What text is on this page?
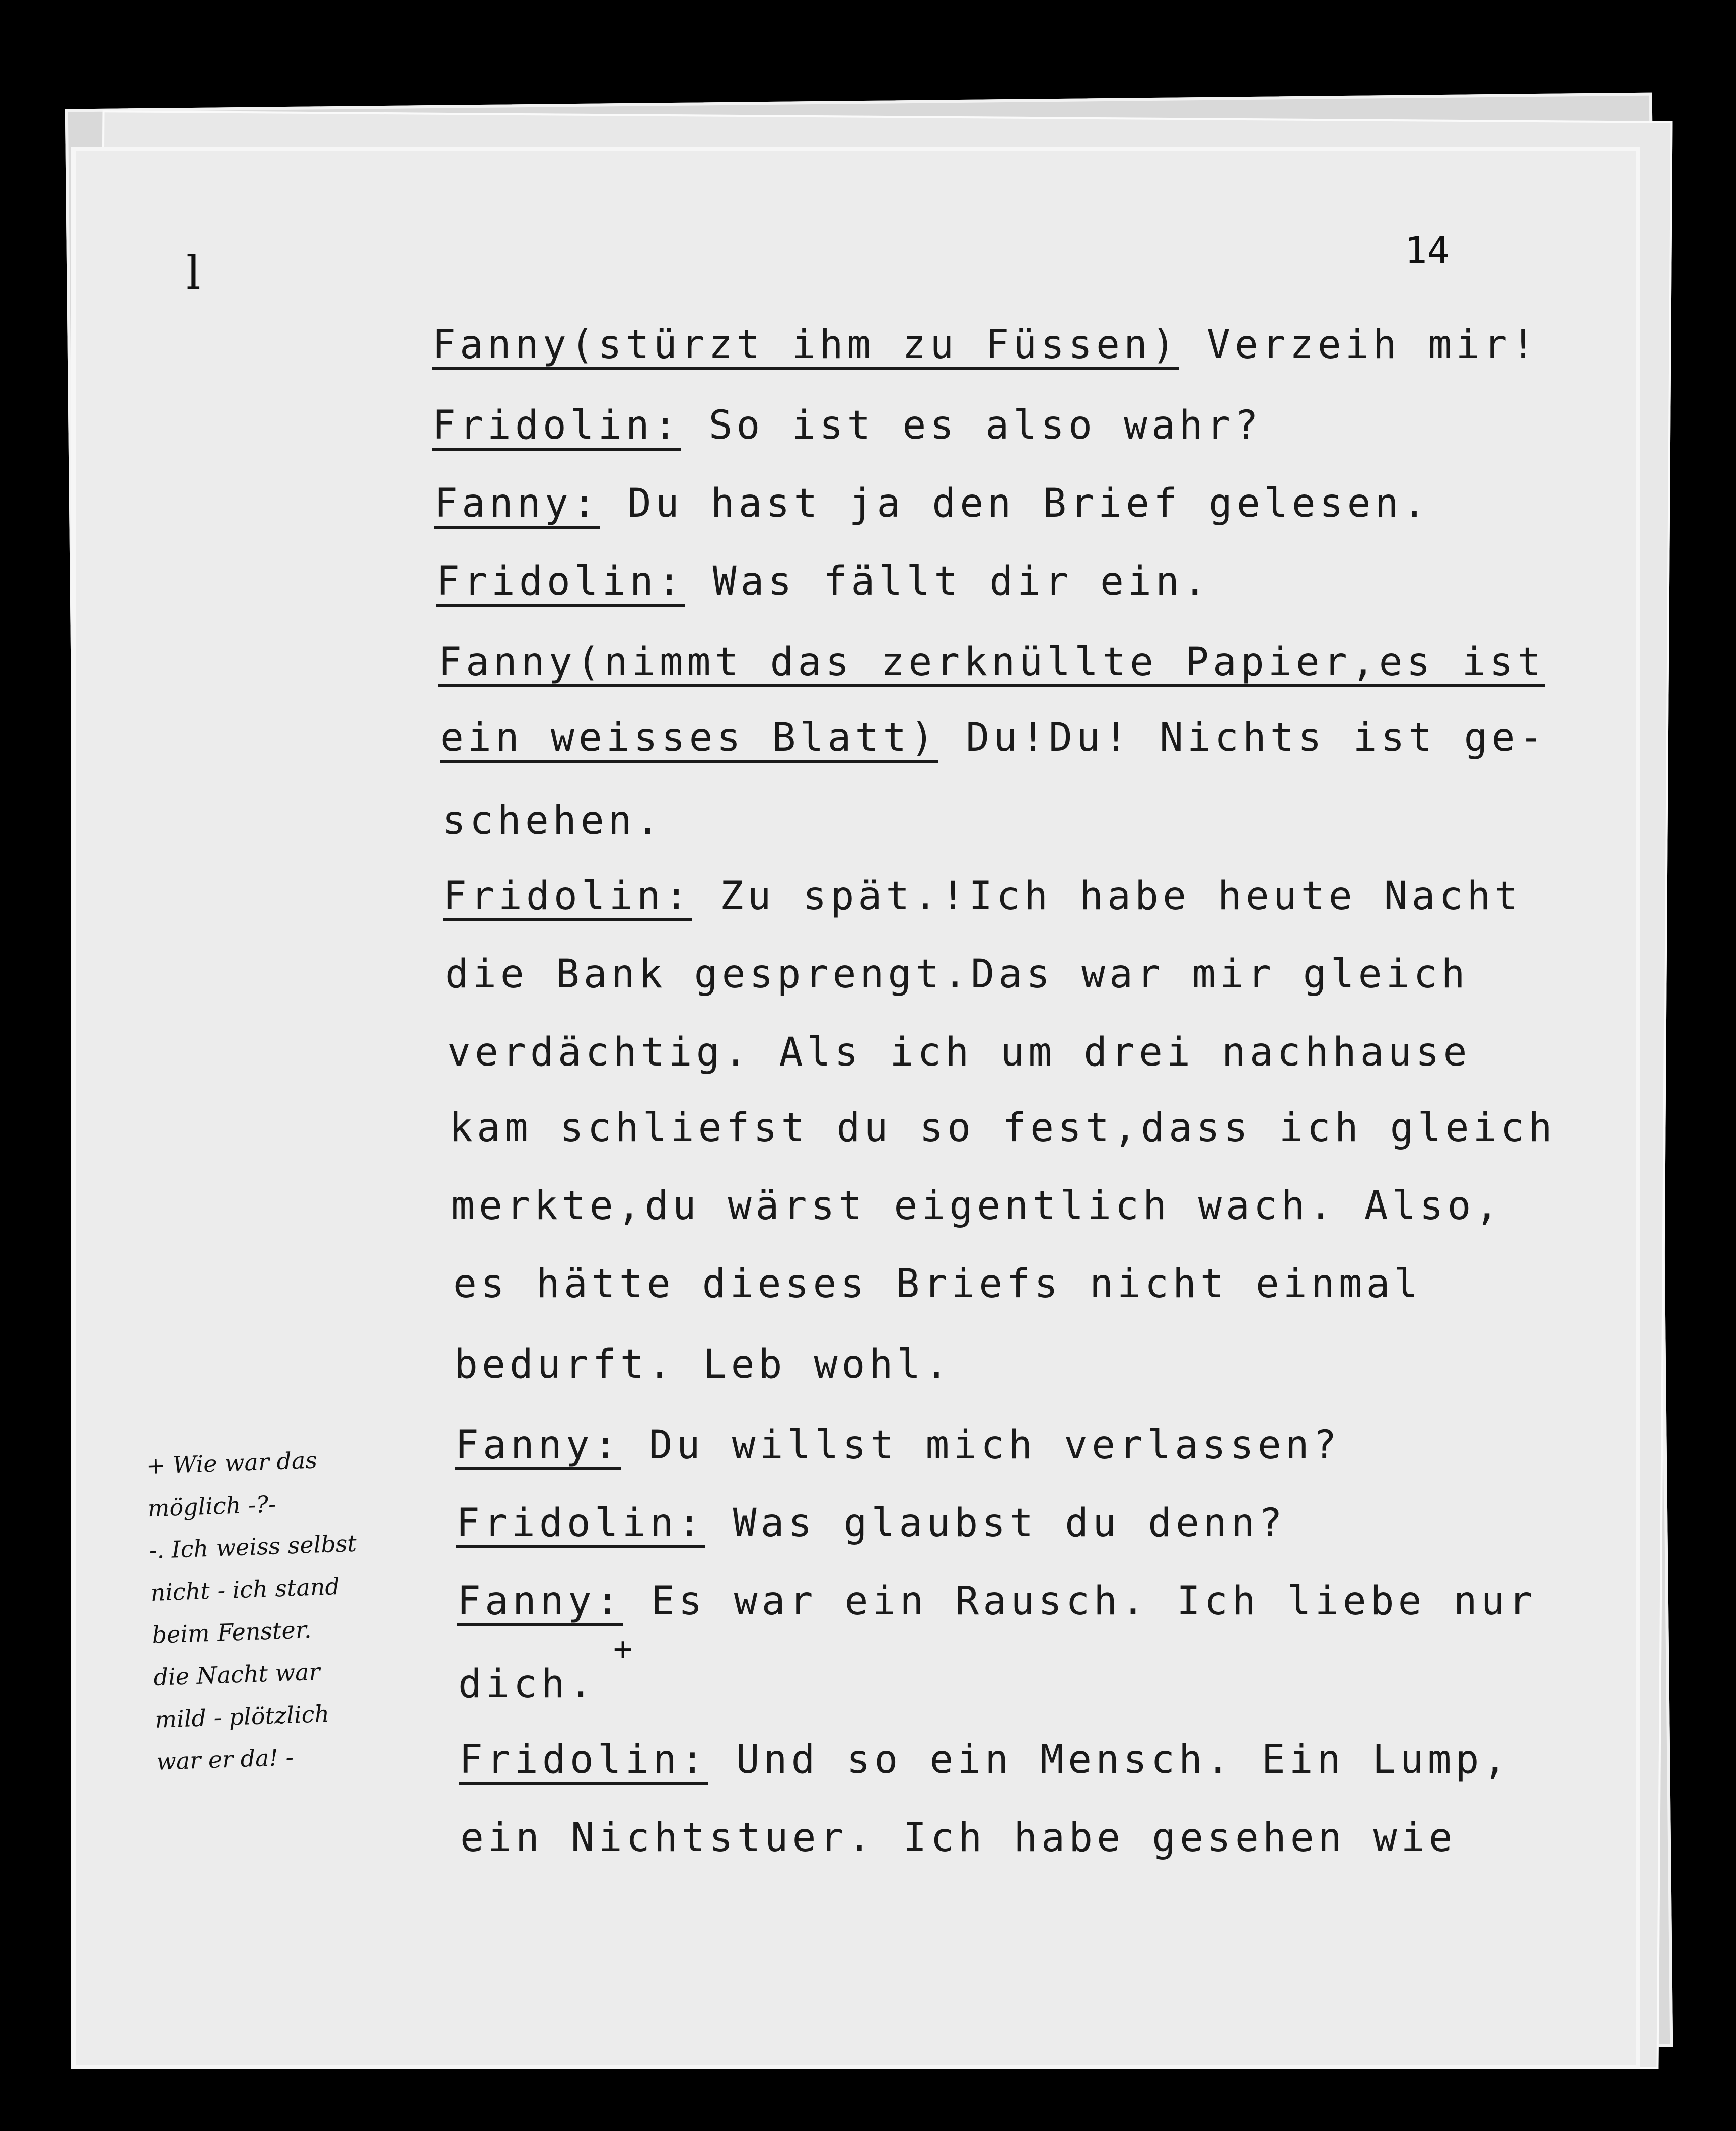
l	14

Fanny(stürzt ihm zu Füssen) Verzeih mir!

Fridolin: So ist es also wahr?

Fanny: Du hast ja den Brief gelesen.

Fridolin: Was fällt dir ein.

Fanny(nimmt das zerknüllte Papier,es ist

ein weisses Blatt) Du!Du! Nichts ist ge-

schehen.

Fridolin: Zu spät.!Ich habe heute Nacht

die Bank gesprengt.Das war mir gleich

verdächtig. Als ich um drei nachhause

kam schliefst du so fest,dass ich gleich

merkte,du wärst eigentlich wach. Also,

es hätte dieses Briefs nicht einmal

bedurft. Leb wohl.

Fanny: Du willst mich verlassen?

Fridolin: Was glaubst du denn?

Fanny: Es war ein Rausch. Ich liebe nur

dich.

Fridolin: Und so ein Mensch. Ein Lump,

ein Nichtstuer. Ich habe gesehen wie

+
+ Wie war das
möglich -?-
-. Ich weiss selbst
nicht - ich stand
beim Fenster.
die Nacht war
mild - plötzlich
war er da! -
